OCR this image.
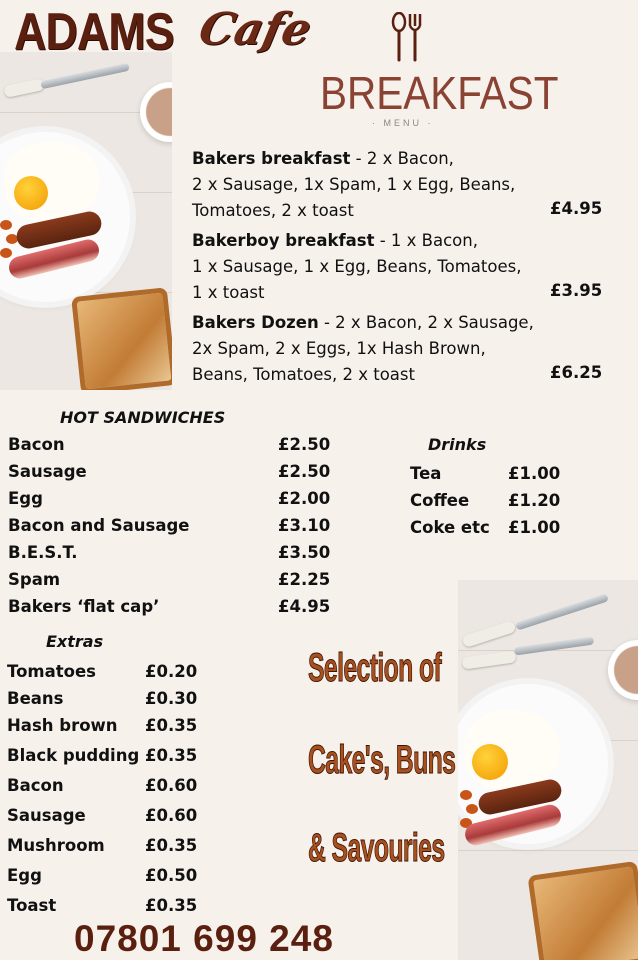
ADAMS Cafe
BREAKFAST
· MENU ·
Bakers breakfast - 2 x Bacon,
2 x Sausage, 1x Spam, 1 x Egg, Beans,
Tomatoes, 2 x toast	£4.95
Bakerboy breakfast - 1 x Bacon,
1 x Sausage, 1 x Egg, Beans, Tomatoes,
1 x toast	£3.95
Bakers Dozen - 2 x Bacon, 2 x Sausage,
2x Spam, 2 x Eggs, 1x Hash Brown,
Beans, Tomatoes, 2 x toast	£6.25
HOT SANDWICHES
Bacon	£2.50
Sausage	£2.50
Egg	£2.00
Bacon and Sausage	£3.10
B.E.S.T.	£3.50
Spam	£2.25
Bakers ‘flat cap’	£4.95
Drinks
Tea	£1.00
Coffee £1.20
Coke etc £1.00
Extras
Tomatoes	£0.20
Beans	£0.30
Hash brown £0.35
Black pudding £0.35
Bacon	£0.60
Sausage	£0.60
Mushroom £0.35
Egg	£0.50
Toast	£0.35
Selection of
Cake's, Buns
& Savouries
07801 699 248
